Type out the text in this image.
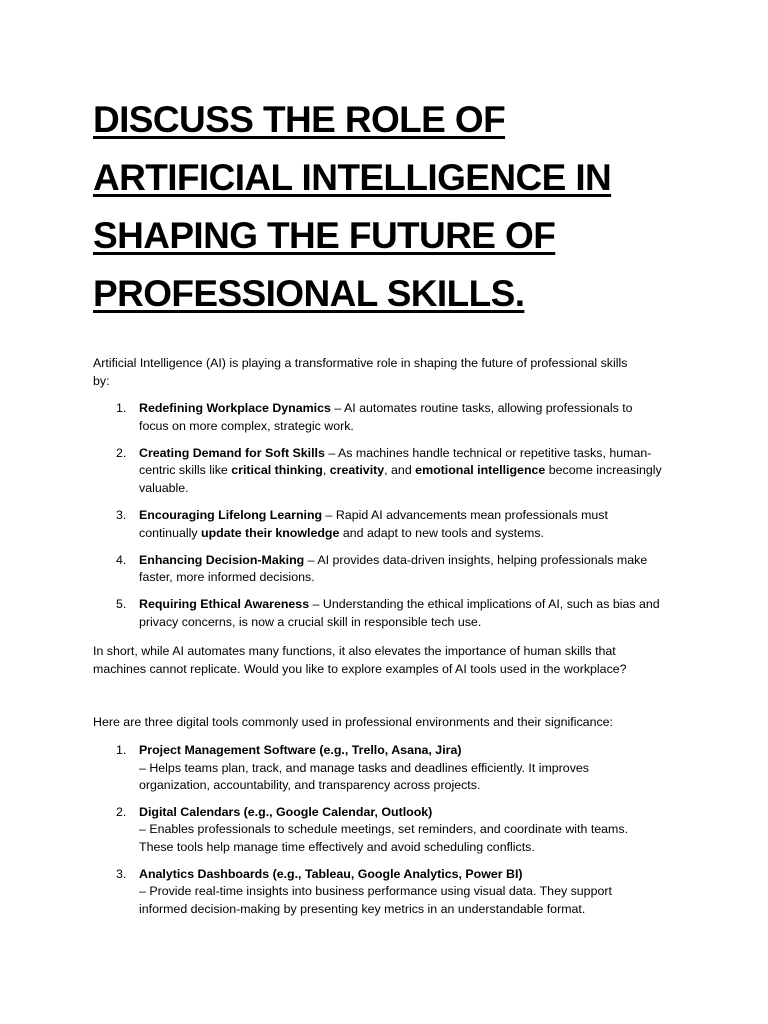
DISCUSS THE ROLE OF
ARTIFICIAL INTELLIGENCE IN
SHAPING THE FUTURE OF
PROFESSIONAL SKILLS.

Artificial Intelligence (AI) is playing a transformative role in shaping the future of professional skills

by:

1. Redefining Workplace Dynamics – AI automates routine tasks, allowing professionals to
focus on more complex, strategic work.
2. Creating Demand for Soft Skills – As machines handle technical or repetitive tasks, human-
centric skills like critical thinking, creativity, and emotional intelligence become increasingly
valuable.
3. Encouraging Lifelong Learning – Rapid AI advancements mean professionals must
continually update their knowledge and adapt to new tools and systems.
4. Enhancing Decision-Making – AI provides data-driven insights, helping professionals make
faster, more informed decisions.
5. Requiring Ethical Awareness – Understanding the ethical implications of AI, such as bias and
privacy concerns, is now a crucial skill in responsible tech use.

In short, while AI automates many functions, it also elevates the importance of human skills that

machines cannot replicate. Would you like to explore examples of AI tools used in the workplace?

Here are three digital tools commonly used in professional environments and their significance:

1. Project Management Software (e.g., Trello, Asana, Jira)
– Helps teams plan, track, and manage tasks and deadlines efficiently. It improves
organization, accountability, and transparency across projects.
2. Digital Calendars (e.g., Google Calendar, Outlook)
– Enables professionals to schedule meetings, set reminders, and coordinate with teams.
These tools help manage time effectively and avoid scheduling conflicts.
3. Analytics Dashboards (e.g., Tableau, Google Analytics, Power BI)
– Provide real-time insights into business performance using visual data. They support
informed decision-making by presenting key metrics in an understandable format.
